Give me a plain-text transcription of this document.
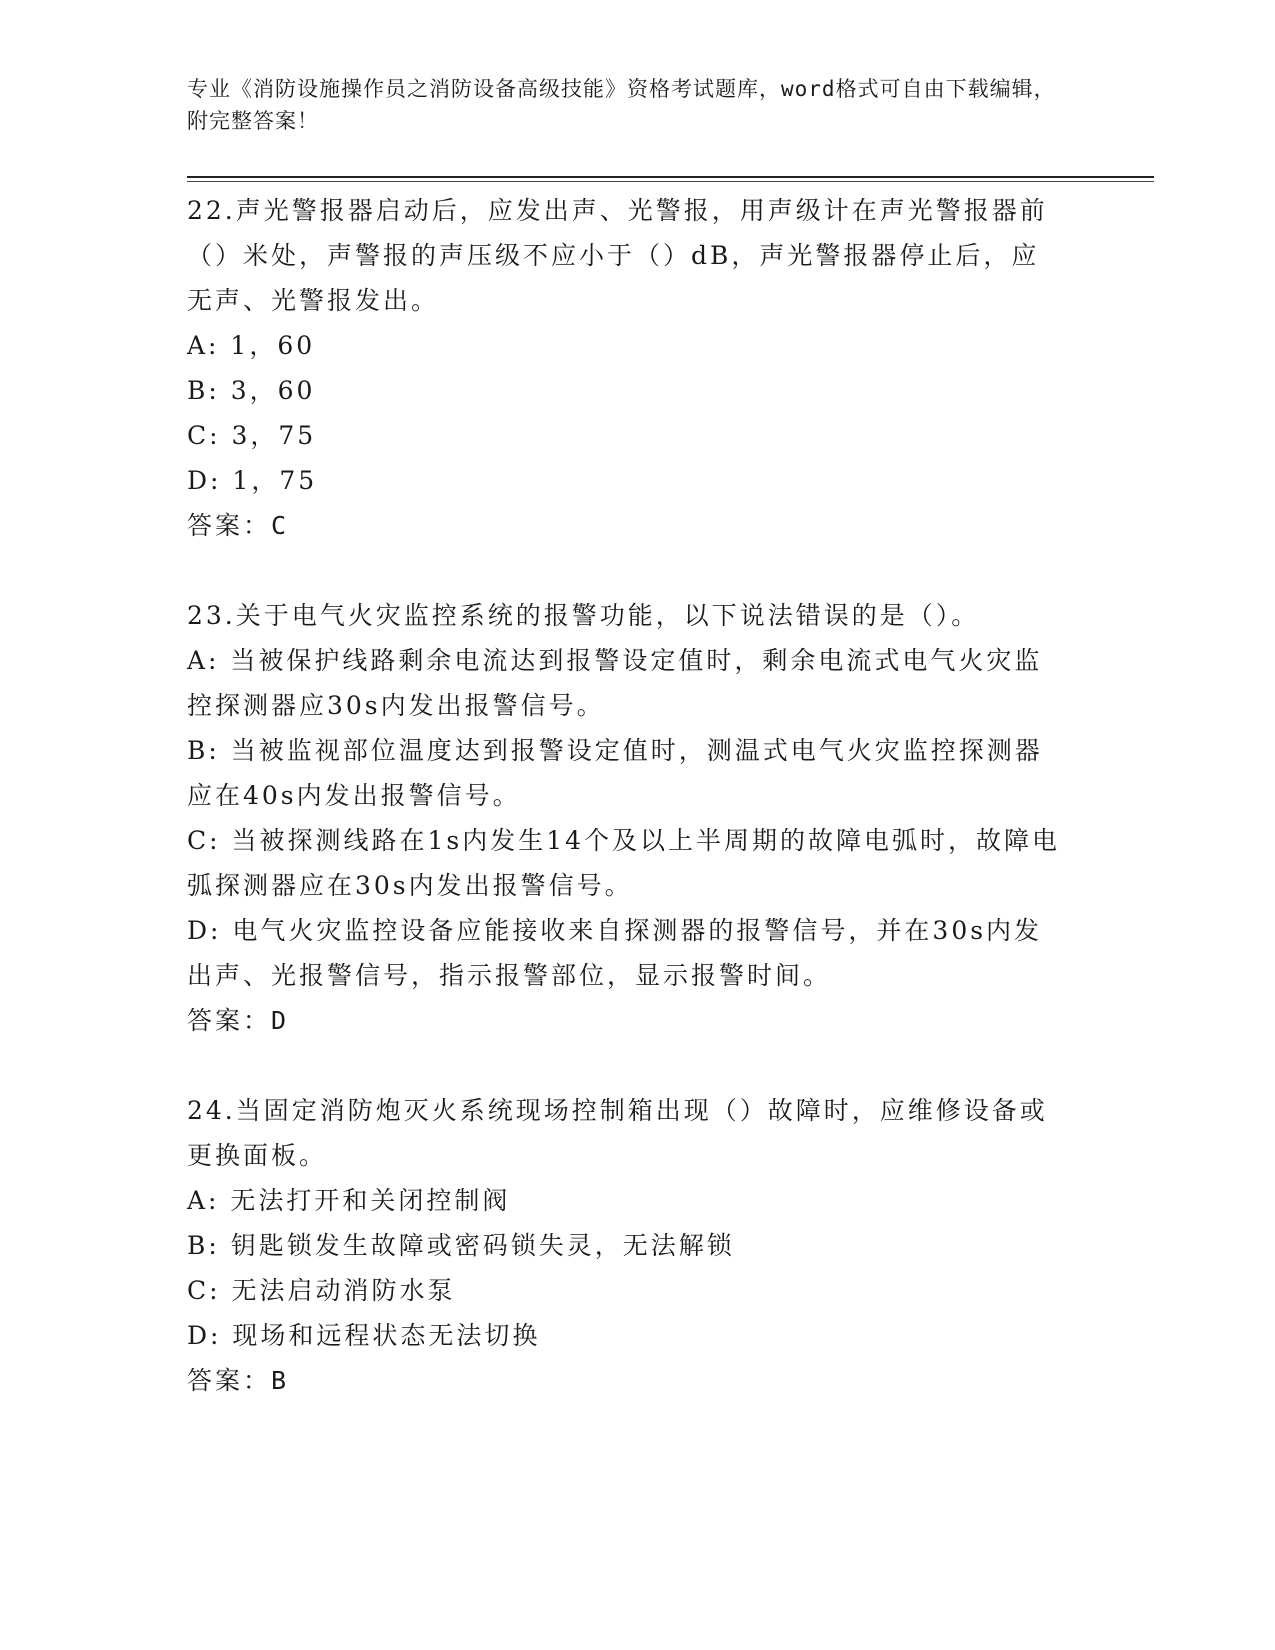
专业《消防设施操作员之消防设备高级技能》资格考试题库，word格式可自由下载编辑，附完整答案！

22.声光警报器启动后，应发出声、光警报，用声级计在声光警报器前（）米处，声警报的声压级不应小于（）dB，声光警报器停止后，应无声、光警报发出。

A: 1，60

B: 3，60

C: 3，75

D: 1，75

答案：C

23.关于电气火灾监控系统的报警功能，以下说法错误的是（）。

A: 当被保护线路剩余电流达到报警设定值时，剩余电流式电气火灾监控探测器应30s内发出报警信号。

B: 当被监视部位温度达到报警设定值时，测温式电气火灾监控探测器应在40s内发出报警信号。

C: 当被探测线路在1s内发生14个及以上半周期的故障电弧时，故障电弧探测器应在30s内发出报警信号。

D: 电气火灾监控设备应能接收来自探测器的报警信号，并在30s内发出声、光报警信号，指示报警部位，显示报警时间。

答案：D

24.当固定消防炮灭火系统现场控制箱出现（）故障时，应维修设备或更换面板。

A: 无法打开和关闭控制阀

B: 钥匙锁发生故障或密码锁失灵，无法解锁

C: 无法启动消防水泵

D: 现场和远程状态无法切换

答案：B
